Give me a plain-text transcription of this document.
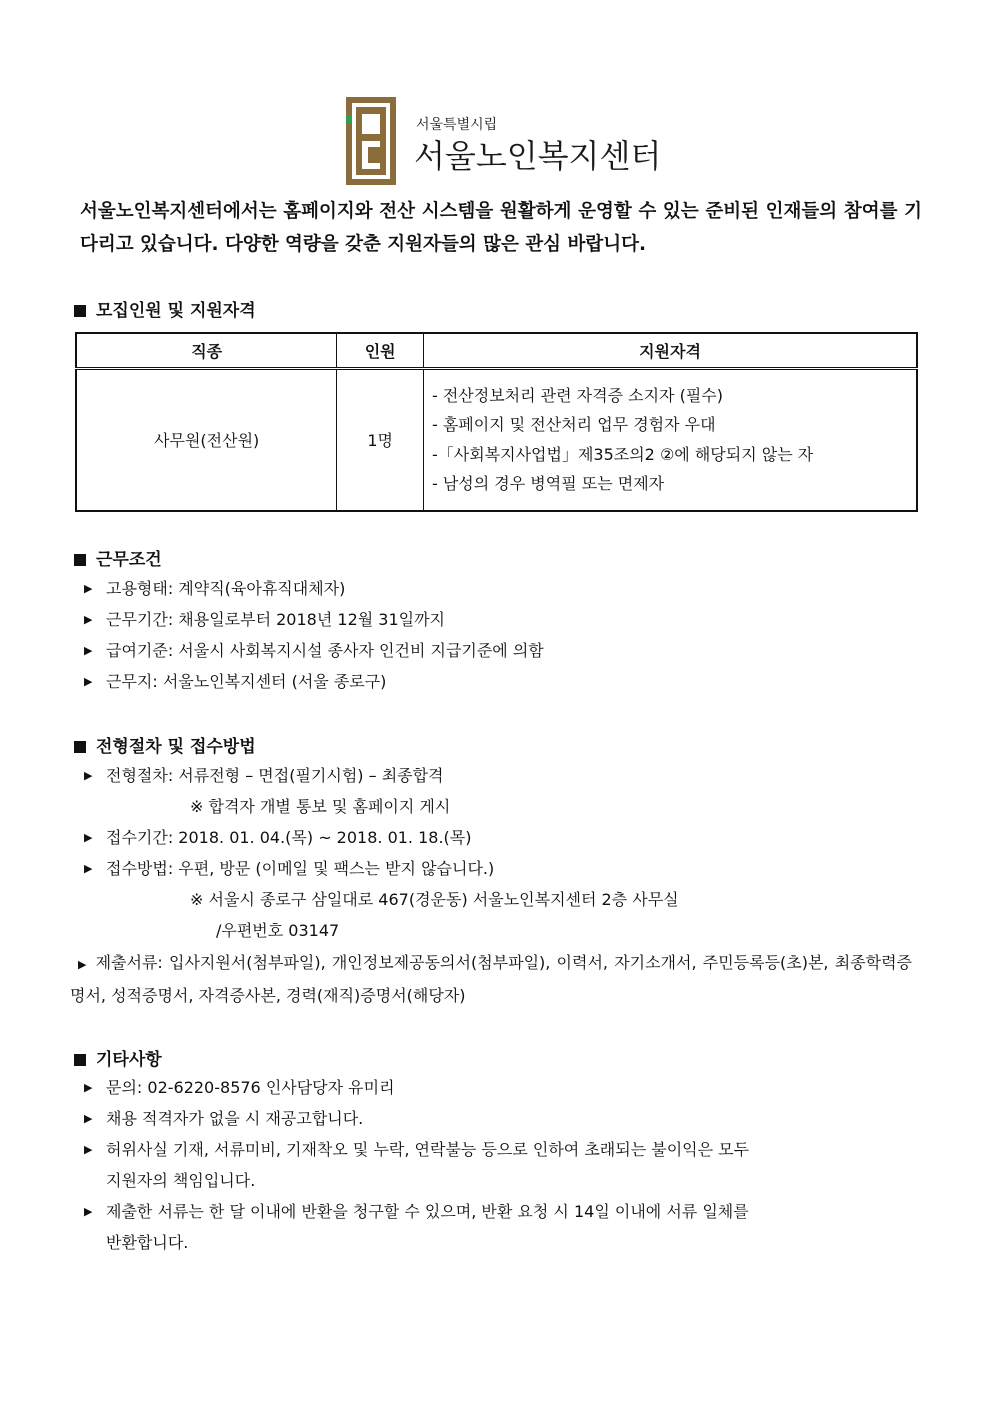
서울특별시립
서울노인복지센터
서울노인복지센터에서는 홈페이지와 전산 시스템을 원활하게 운영할 수 있는 준비된 인재들의 참여를 기다리고 있습니다. 다양한 역량을 갖춘 지원자들의 많은 관심 바랍니다.
모집인원 및 지원자격
직종	인원	지원자격
사무원(전산원)	1명	- 전산정보처리 관련 자격증 소지자 (필수)
- 홈페이지 및 전산처리 업무 경험자 우대
-「사회복지사업법」제35조의2 ②에 해당되지 않는 자
- 남성의 경우 병역필 또는 면제자
근무조건
▶ 고용형태: 계약직(육아휴직대체자)
▶ 근무기간: 채용일로부터 2018년 12월 31일까지
▶ 급여기준: 서울시 사회복지시설 종사자 인건비 지급기준에 의함
▶ 근무지: 서울노인복지센터 (서울 종로구)
전형절차 및 접수방법
▶ 전형절차: 서류전형 – 면접(필기시험) – 최종합격
※ 합격자 개별 통보 및 홈페이지 게시
▶ 접수기간: 2018. 01. 04.(목) ~ 2018. 01. 18.(목)
▶ 접수방법: 우편, 방문 (이메일 및 팩스는 받지 않습니다.)
※ 서울시 종로구 삼일대로 467(경운동) 서울노인복지센터 2층 사무실
/우편번호 03147
▶ 제출서류: 입사지원서(첨부파일), 개인정보제공동의서(첨부파일), 이력서, 자기소개서, 주민등록등(초)본, 최종학력증명서, 성적증명서, 자격증사본, 경력(재직)증명서(해당자)
기타사항
▶ 문의: 02-6220-8576 인사담당자 유미리
▶ 채용 적격자가 없을 시 재공고합니다.
▶ 허위사실 기재, 서류미비, 기재착오 및 누락, 연락불능 등으로 인하여 초래되는 불이익은 모두
지원자의 책임입니다.
▶ 제출한 서류는 한 달 이내에 반환을 청구할 수 있으며, 반환 요청 시 14일 이내에 서류 일체를
반환합니다.
